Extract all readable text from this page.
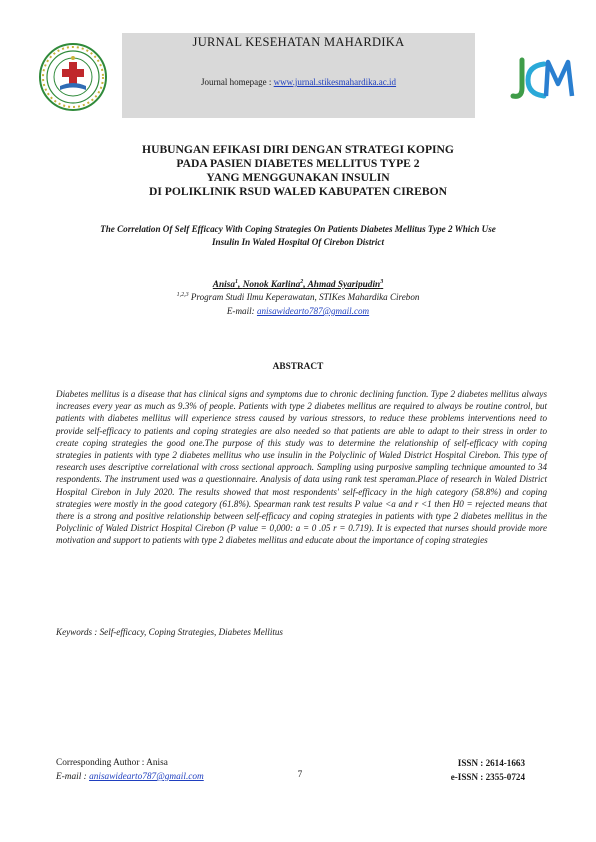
JURNAL KESEHATAN MAHARDIKA
Journal homepage : www.jurnal.stikesmahardika.ac.id
HUBUNGAN EFIKASI DIRI DENGAN STRATEGI KOPING
PADA PASIEN DIABETES MELLITUS TYPE 2
YANG MENGGUNAKAN INSULIN
DI POLIKLINIK RSUD WALED KABUPATEN CIREBON
The Correlation Of Self Efficacy With Coping Strategies On Patients Diabetes Mellitus Type 2 Which Use
Insulin In Waled Hospital Of Cirebon District
Anisa$^1$, Nonok Karlina$^2$, Ahmad Syaripudin$^3$
$^{1,2,3}$ Program Studi Ilmu Keperawatan, STIKes Mahardika Cirebon
E-mail: anisawidearto787@gmail.com
ABSTRACT
Diabetes mellitus is a disease that has clinical signs and symptoms due to chronic declining function. Type 2 diabetes mellitus always increases every year as much as 9.3% of people. Patients with type 2 diabetes mellitus are required to always be routine control, but patients with diabetes mellitus will experience stress caused by various stressors, to reduce these problems interventions need to provide self-efficacy to patients and coping strategies are also needed so that patients are able to adapt to their stress in order to create coping strategies the good one.The purpose of this study was to determine the relationship of self-efficacy with coping strategies in patients with type 2 diabetes mellitus who use insulin in the Polyclinic of Waled District Hospital Cirebon. This type of research uses descriptive correlational with cross sectional approach. Sampling using purposive sampling technique amounted to 34 respondents. The instrument used was a questionnaire. Analysis of data using rank test speraman.Place of research in Waled District Hospital Cirebon in July 2020. The results showed that most respondents' self-efficacy in the high category (58.8%) and coping strategies were mostly in the good category (61.8%). Spearman rank test results P value <a and r <1 then H0 = rejected means that there is a strong and positive relationship between self-efficacy and coping strategies in patients with type 2 diabetes mellitus in the Polyclinic of Waled District Hospital Cirebon (P value = 0,000: a = 0 .05 r = 0.719). It is expected that nurses should provide more motivation and support to patients with type 2 diabetes mellitus and educate about the importance of coping strategies
Keywords : Self-efficacy, Coping Strategies, Diabetes Mellitus
Corresponding Author : Anisa
E-mail : anisawidearto787@gmail.com	7
ISSN : 2614-1663
e-ISSN : 2355-0724
